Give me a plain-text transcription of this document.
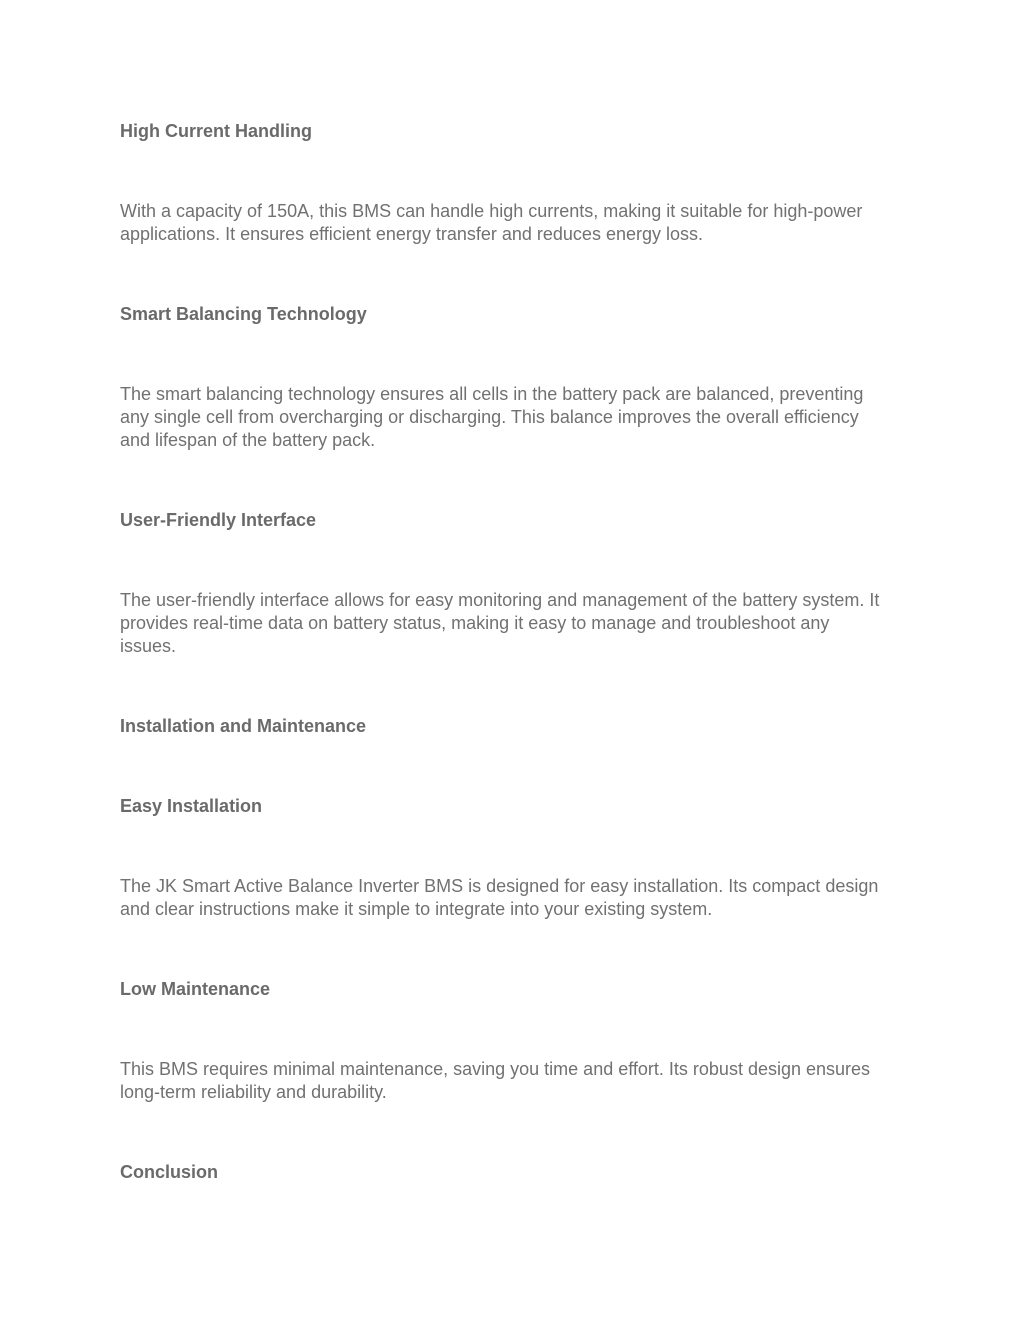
High Current Handling

With a capacity of 150A, this BMS can handle high currents, making it suitable for high-power applications. It ensures efficient energy transfer and reduces energy loss.

Smart Balancing Technology

The smart balancing technology ensures all cells in the battery pack are balanced, preventing any single cell from overcharging or discharging. This balance improves the overall efficiency and lifespan of the battery pack.

User-Friendly Interface

The user-friendly interface allows for easy monitoring and management of the battery system. It provides real-time data on battery status, making it easy to manage and troubleshoot any issues.

Installation and Maintenance
Easy Installation

The JK Smart Active Balance Inverter BMS is designed for easy installation. Its compact design and clear instructions make it simple to integrate into your existing system.

Low Maintenance

This BMS requires minimal maintenance, saving you time and effort. Its robust design ensures long-term reliability and durability.

Conclusion
